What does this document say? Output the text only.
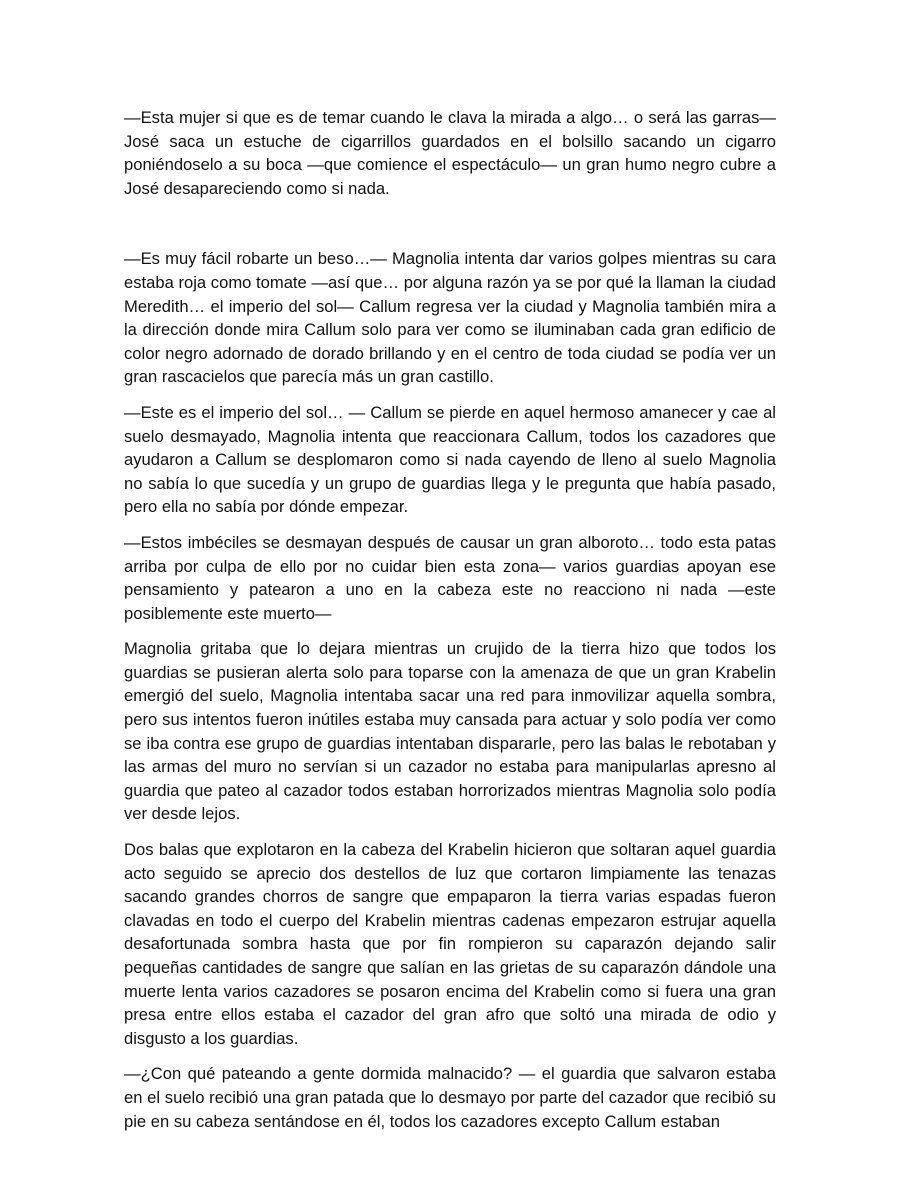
—Esta mujer si que es de temar cuando le clava la mirada a algo… o será las garras— José saca un estuche de cigarrillos guardados en el bolsillo sacando un cigarro poniéndoselo a su boca —que comience el espectáculo— un gran humo negro cubre a José desapareciendo como si nada.

—Es muy fácil robarte un beso…— Magnolia intenta dar varios golpes mientras su cara estaba roja como tomate —así que… por alguna razón ya se por qué la llaman la ciudad Meredith… el imperio del sol— Callum regresa ver la ciudad y Magnolia también mira a la dirección donde mira Callum solo para ver como se iluminaban cada gran edificio de color negro adornado de dorado brillando y en el centro de toda ciudad se podía ver un gran rascacielos que parecía más un gran castillo.

—Este es el imperio del sol… — Callum se pierde en aquel hermoso amanecer y cae al suelo desmayado, Magnolia intenta que reaccionara Callum, todos los cazadores que ayudaron a Callum se desplomaron como si nada cayendo de lleno al suelo Magnolia no sabía lo que sucedía y un grupo de guardias llega y le pregunta que había pasado, pero ella no sabía por dónde empezar.

—Estos imbéciles se desmayan después de causar un gran alboroto… todo esta patas arriba por culpa de ello por no cuidar bien esta zona— varios guardias apoyan ese pensamiento y patearon a uno en la cabeza este no reacciono ni nada —este posiblemente este muerto—

Magnolia gritaba que lo dejara mientras un crujido de la tierra hizo que todos los guardias se pusieran alerta solo para toparse con la amenaza de que un gran Krabelin emergió del suelo, Magnolia intentaba sacar una red para inmovilizar aquella sombra, pero sus intentos fueron inútiles estaba muy cansada para actuar y solo podía ver como se iba contra ese grupo de guardias intentaban dispararle, pero las balas le rebotaban y las armas del muro no servían si un cazador no estaba para manipularlas apresno al guardia que pateo al cazador todos estaban horrorizados mientras Magnolia solo podía ver desde lejos.

Dos balas que explotaron en la cabeza del Krabelin hicieron que soltaran aquel guardia acto seguido se aprecio dos destellos de luz que cortaron limpiamente las tenazas sacando grandes chorros de sangre que empaparon la tierra varias espadas fueron clavadas en todo el cuerpo del Krabelin mientras cadenas empezaron estrujar aquella desafortunada sombra hasta que por fin rompieron su caparazón dejando salir pequeñas cantidades de sangre que salían en las grietas de su caparazón dándole una muerte lenta varios cazadores se posaron encima del Krabelin como si fuera una gran presa entre ellos estaba el cazador del gran afro que soltó una mirada de odio y disgusto a los guardias.

—¿Con qué pateando a gente dormida malnacido? — el guardia que salvaron estaba en el suelo recibió una gran patada que lo desmayo por parte del cazador que recibió su pie en su cabeza sentándose en él, todos los cazadores excepto Callum estaban
